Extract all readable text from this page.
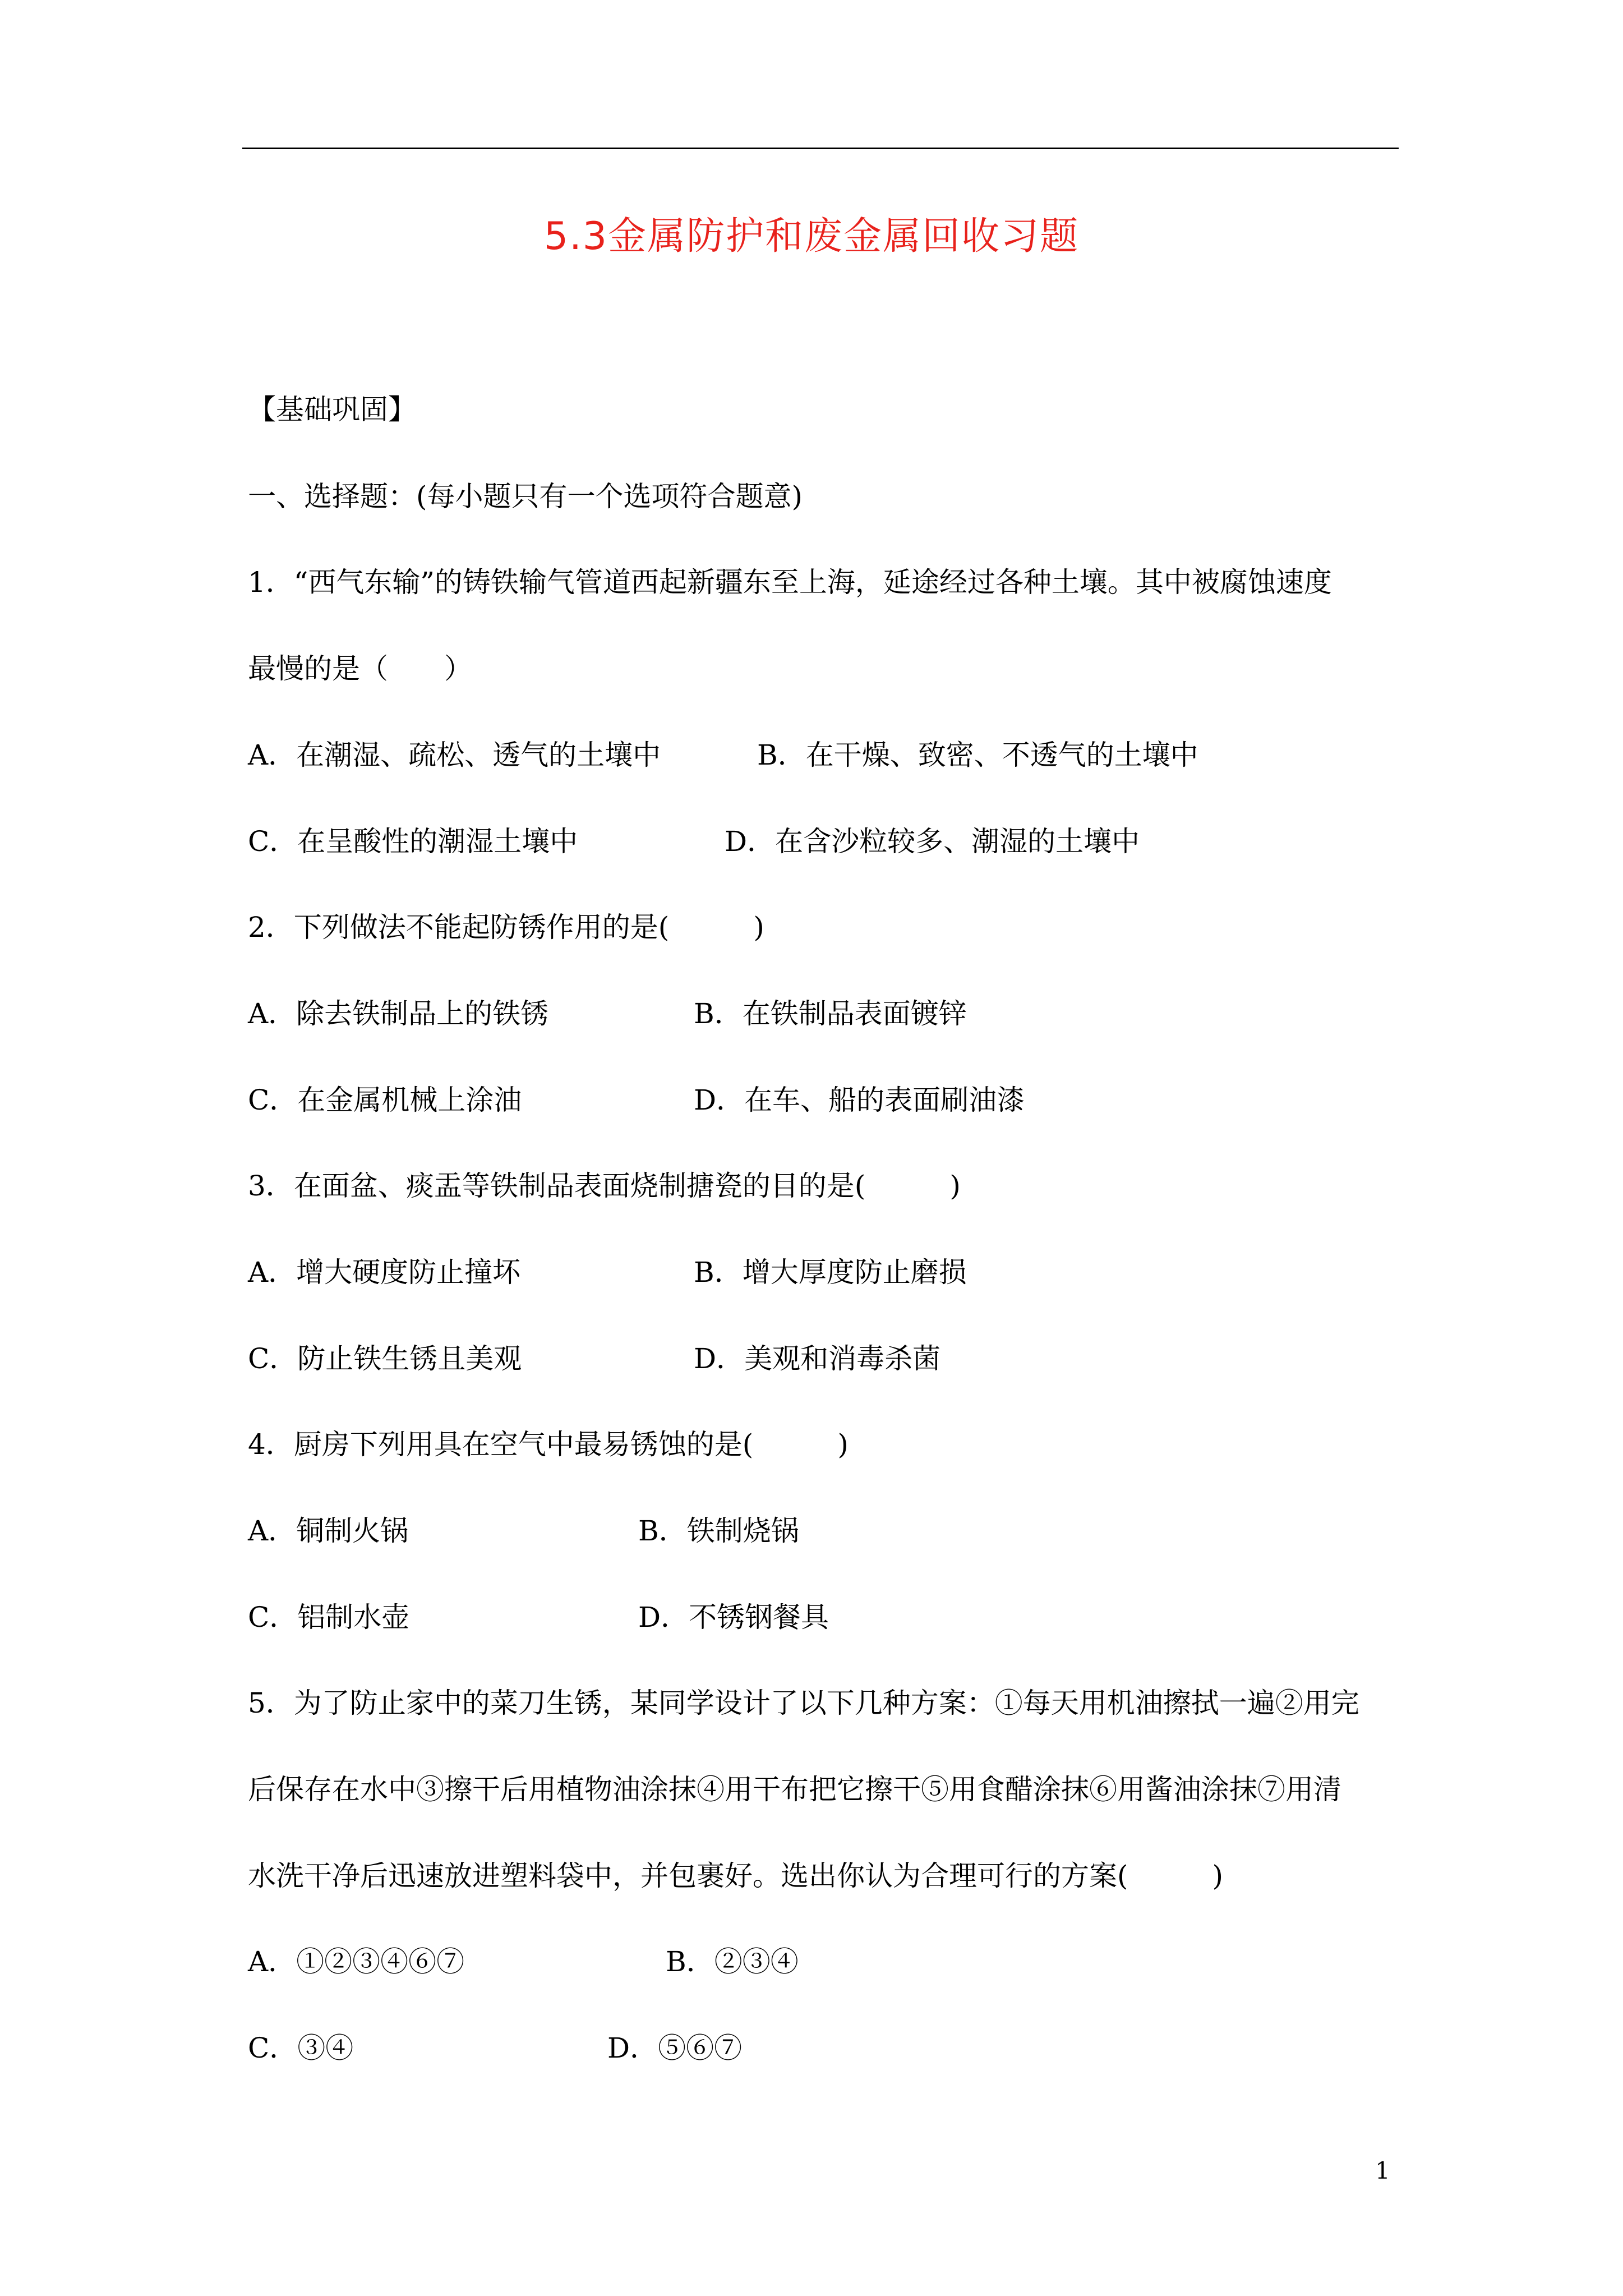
5.3金属防护和废金属回收习题
【基础巩固】
一、选择题：(每小题只有一个选项符合题意)
1．“西气东输”的铸铁输气管道西起新疆东至上海，延途经过各种土壤。其中被腐蚀速度
最慢的是（　　）
A．在潮湿、疏松、透气的土壤中	B．在干燥、致密、不透气的土壤中
C．在呈酸性的潮湿土壤中	D．在含沙粒较多、潮湿的土壤中
2．下列做法不能起防锈作用的是(　　　)
A．除去铁制品上的铁锈	B．在铁制品表面镀锌
C．在金属机械上涂油	D．在车、船的表面刷油漆
3．在面盆、痰盂等铁制品表面烧制搪瓷的目的是(　　　)
A．增大硬度防止撞坏	B．增大厚度防止磨损
C．防止铁生锈且美观	D．美观和消毒杀菌
4．厨房下列用具在空气中最易锈蚀的是(　　　)
A．铜制火锅	B．铁制烧锅
C．铝制水壶	D．不锈钢餐具
5．为了防止家中的菜刀生锈，某同学设计了以下几种方案：①每天用机油擦拭一遍②用完
后保存在水中③擦干后用植物油涂抹④用干布把它擦干⑤用食醋涂抹⑥用酱油涂抹⑦用清
水洗干净后迅速放进塑料袋中，并包裹好。选出你认为合理可行的方案(　　　)
A．①②③④⑥⑦	B．②③④
C．③④	D．⑤⑥⑦
1
